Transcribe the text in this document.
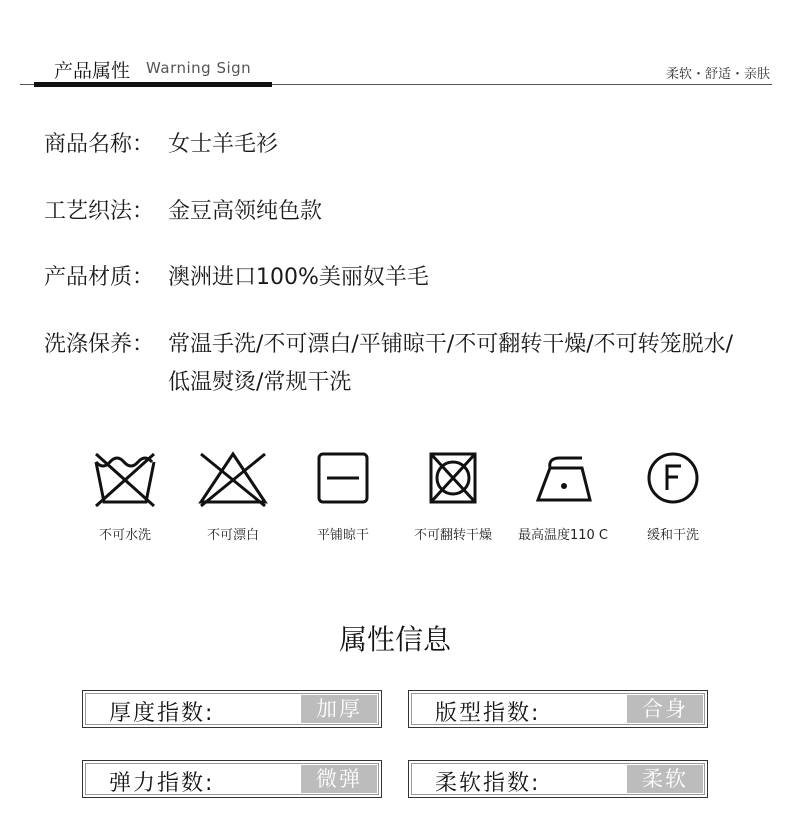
产品属性 Warning Sign	柔软・舒适・亲肤
商品名称： 女士羊毛衫
工艺织法： 金豆高领纯色款
产品材质： 澳洲进口100%美丽奴羊毛
洗涤保养： 常温手洗/不可漂白/平铺晾干/不可翻转干燥/不可转笼脱水/低温熨烫/常规干洗
不可水洗	不可漂白	平铺晾干	不可翻转干燥	最高温度110 C	缓和干洗
属性信息
厚度指数:	加厚	版型指数:	合身
弹力指数:	微弹	柔软指数:	柔软
